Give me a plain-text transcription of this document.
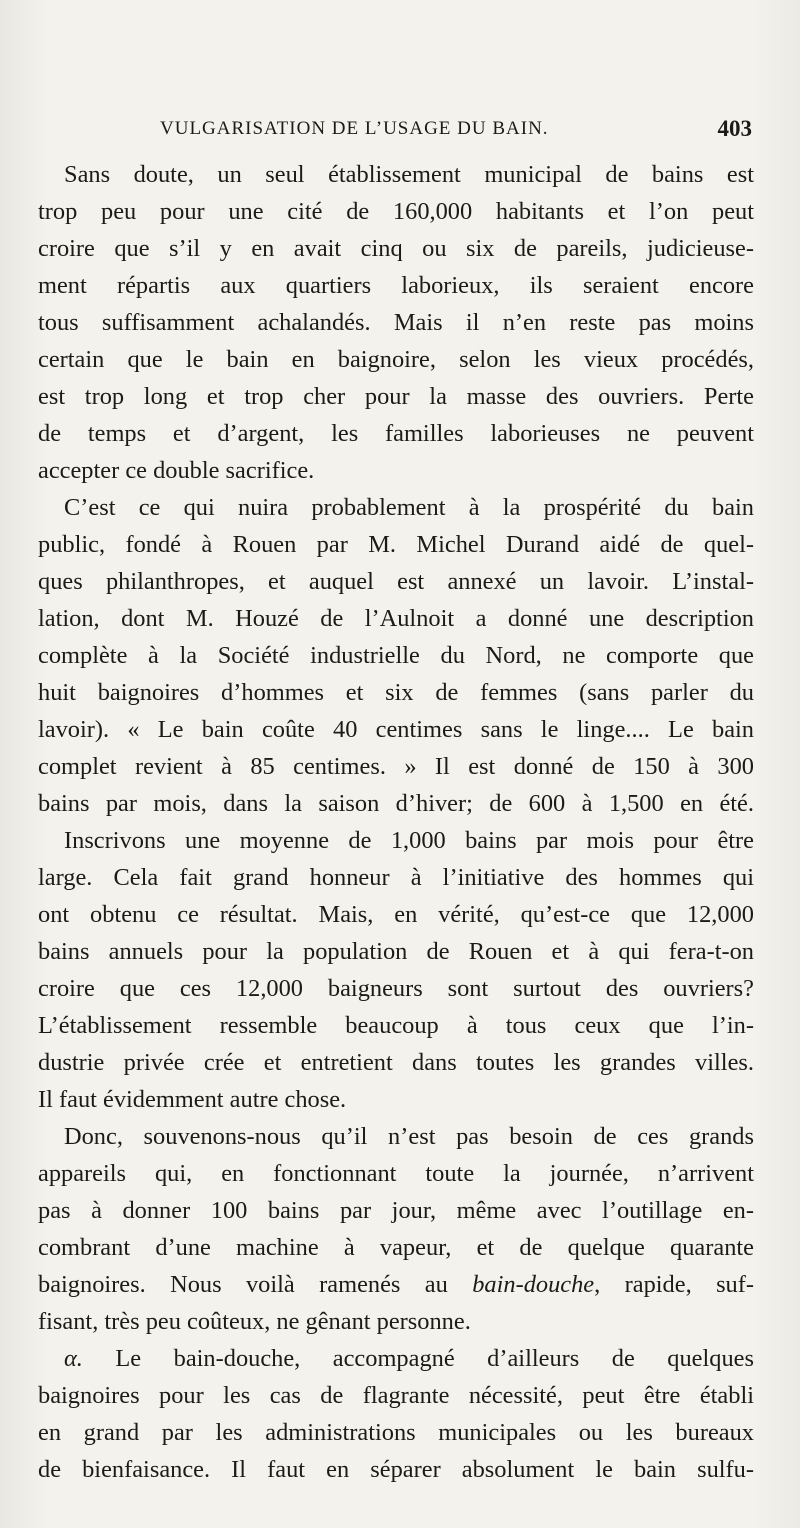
VULGARISATION DE L’USAGE DU BAIN.	403
Sans doute, un seul établissement municipal de bains est
trop peu pour une cité de 160,000 habitants et l’on peut
croire que s’il y en avait cinq ou six de pareils, judicieuse-
ment répartis aux quartiers laborieux, ils seraient encore
tous suffisamment achalandés. Mais il n’en reste pas moins
certain que le bain en baignoire, selon les vieux procédés,
est trop long et trop cher pour la masse des ouvriers. Perte
de temps et d’argent, les familles laborieuses ne peuvent
accepter ce double sacrifice.
C’est ce qui nuira probablement à la prospérité du bain
public, fondé à Rouen par M. Michel Durand aidé de quel-
ques philanthropes, et auquel est annexé un lavoir. L’instal-
lation, dont M. Houzé de l’Aulnoit a donné une description
complète à la Société industrielle du Nord, ne comporte que
huit baignoires d’hommes et six de femmes (sans parler du
lavoir). « Le bain coûte 40 centimes sans le linge.... Le bain
complet revient à 85 centimes. » Il est donné de 150 à 300
bains par mois, dans la saison d’hiver; de 600 à 1,500 en été.
Inscrivons une moyenne de 1,000 bains par mois pour être
large. Cela fait grand honneur à l’initiative des hommes qui
ont obtenu ce résultat. Mais, en vérité, qu’est-ce que 12,000
bains annuels pour la population de Rouen et à qui fera-t-on
croire que ces 12,000 baigneurs sont surtout des ouvriers?
L’établissement ressemble beaucoup à tous ceux que l’in-
dustrie privée crée et entretient dans toutes les grandes villes.
Il faut évidemment autre chose.
Donc, souvenons-nous qu’il n’est pas besoin de ces grands
appareils qui, en fonctionnant toute la journée, n’arrivent
pas à donner 100 bains par jour, même avec l’outillage en-
combrant d’une machine à vapeur, et de quelque quarante
baignoires. Nous voilà ramenés au bain-douche, rapide, suf-
fisant, très peu coûteux, ne gênant personne.
α. Le bain-douche, accompagné d’ailleurs de quelques
baignoires pour les cas de flagrante nécessité, peut être établi
en grand par les administrations municipales ou les bureaux
de bienfaisance. Il faut en séparer absolument le bain sulfu-
